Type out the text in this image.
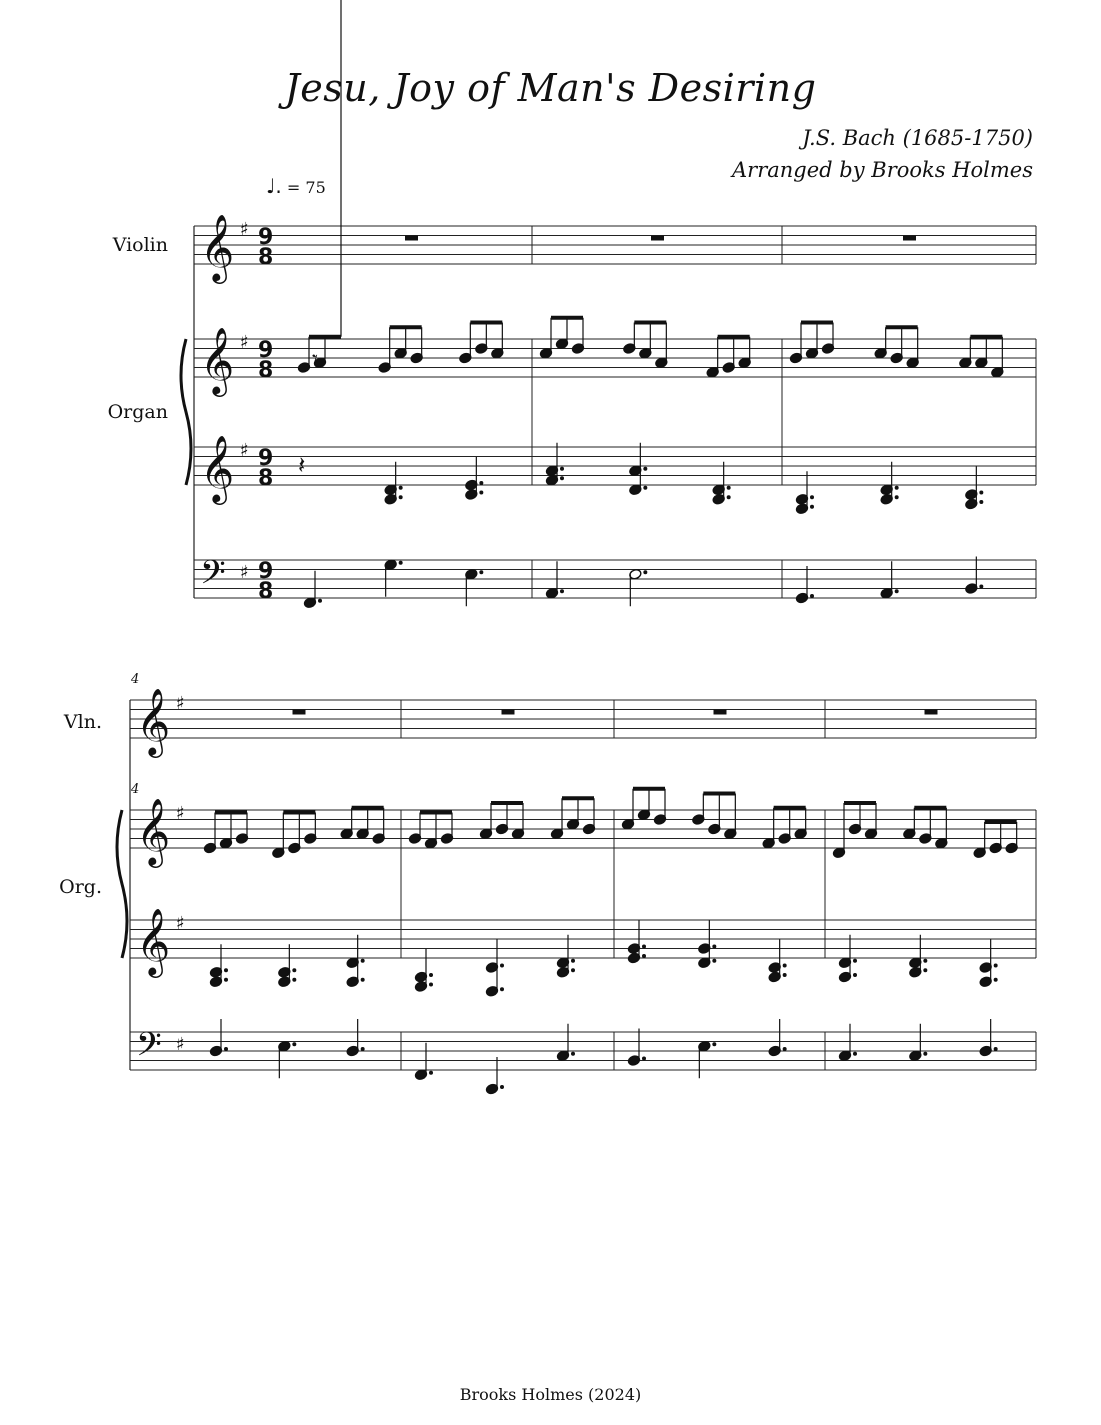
Jesu, Joy of Man's Desiring
J.S. Bach (1685-1750)
Arranged by Brooks Holmes
♩. = 75
Violin
Organ
Vln.
Org.
4
4
𝄞 ♯
𝄞 ♯
𝄞 ♯
𝄢 ♯
9
8
9
8
9
8
9
8
𝄾
𝄽
𝄞 ♯
𝄞 ♯
𝄞 ♯
𝄢 ♯
Brooks Holmes (2024)
